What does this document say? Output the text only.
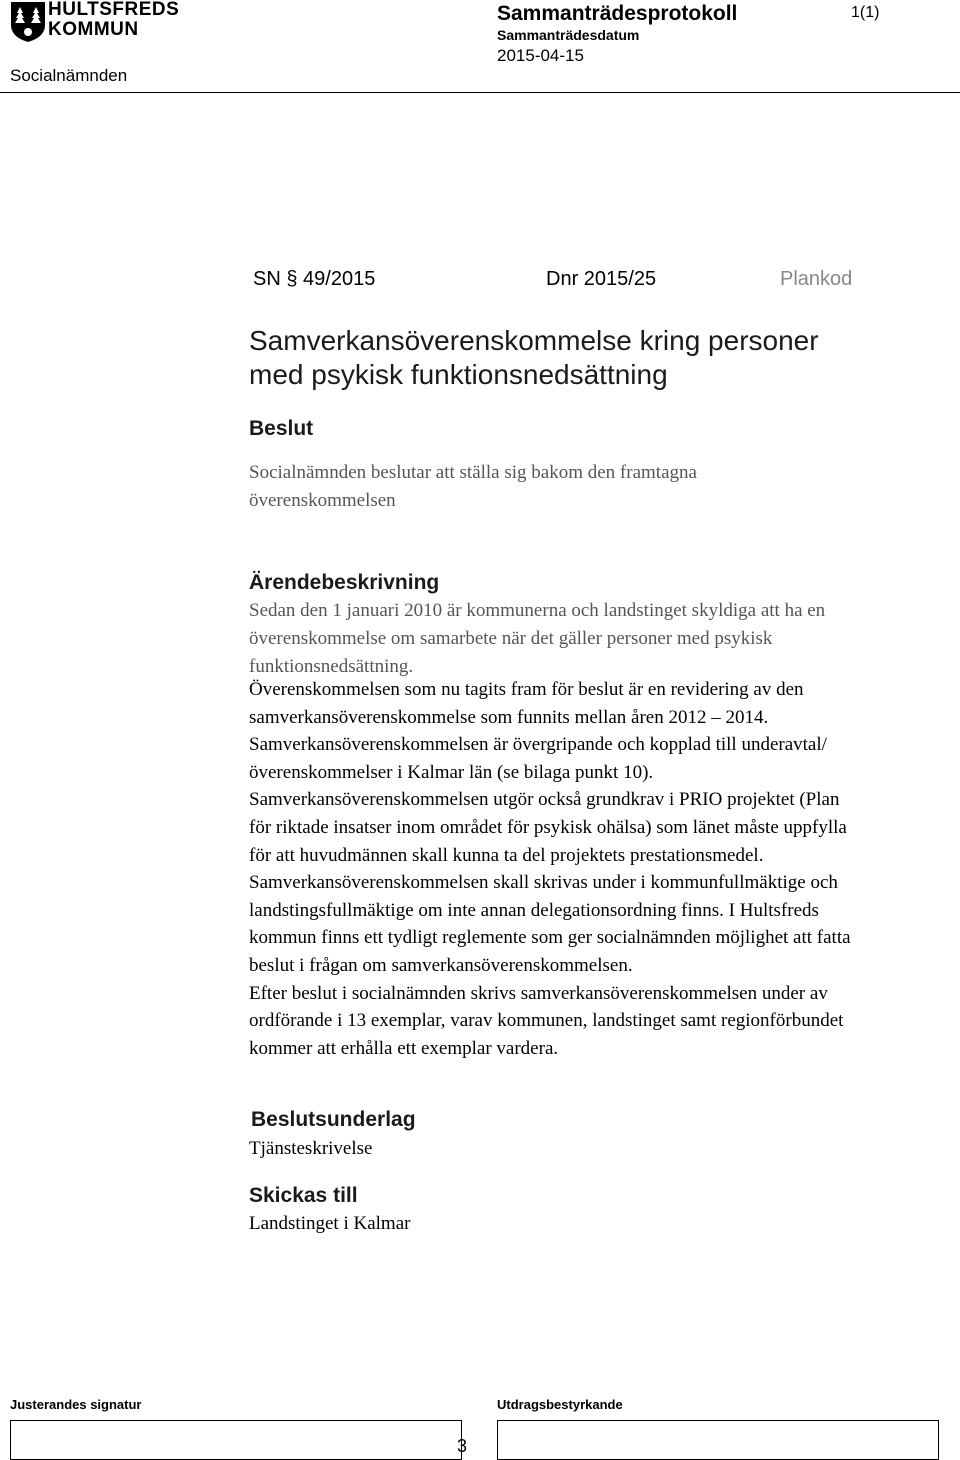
HULTSFREDS
KOMMUN
Socialnämnden
Sammanträdesprotokoll
Sammanträdesdatum
2015-04-15
1(1)
SN § 49/2015	Dnr 2015/25	Plankod
Samverkansöverenskommelse kring personer
med psykisk funktionsnedsättning
Beslut
Socialnämnden beslutar att ställa sig bakom den framtagna
överenskommelsen
Ärendebeskrivning
Sedan den 1 januari 2010 är kommunerna och landstinget skyldiga att ha en
överenskommelse om samarbete när det gäller personer med psykisk
funktionsnedsättning.
Överenskommelsen som nu tagits fram för beslut är en revidering av den
samverkansöverenskommelse som funnits mellan åren 2012 – 2014.
Samverkansöverenskommelsen är övergripande och kopplad till underavtal/
överenskommelser i Kalmar län (se bilaga punkt 10).
Samverkansöverenskommelsen utgör också grundkrav i PRIO projektet (Plan
för riktade insatser inom området för psykisk ohälsa) som länet måste uppfylla
för att huvudmännen skall kunna ta del projektets prestationsmedel.
Samverkansöverenskommelsen skall skrivas under i kommunfullmäktige och
landstingsfullmäktige om inte annan delegationsordning finns. I Hultsfreds
kommun finns ett tydligt reglemente som ger socialnämnden möjlighet att fatta
beslut i frågan om samverkansöverenskommelsen.
Efter beslut i socialnämnden skrivs samverkansöverenskommelsen under av
ordförande i 13 exemplar, varav kommunen, landstinget samt regionförbundet
kommer att erhålla ett exemplar vardera.
Beslutsunderlag
Tjänsteskrivelse
Skickas till
Landstinget i Kalmar
Justerandes signatur	Utdragsbestyrkande
3
